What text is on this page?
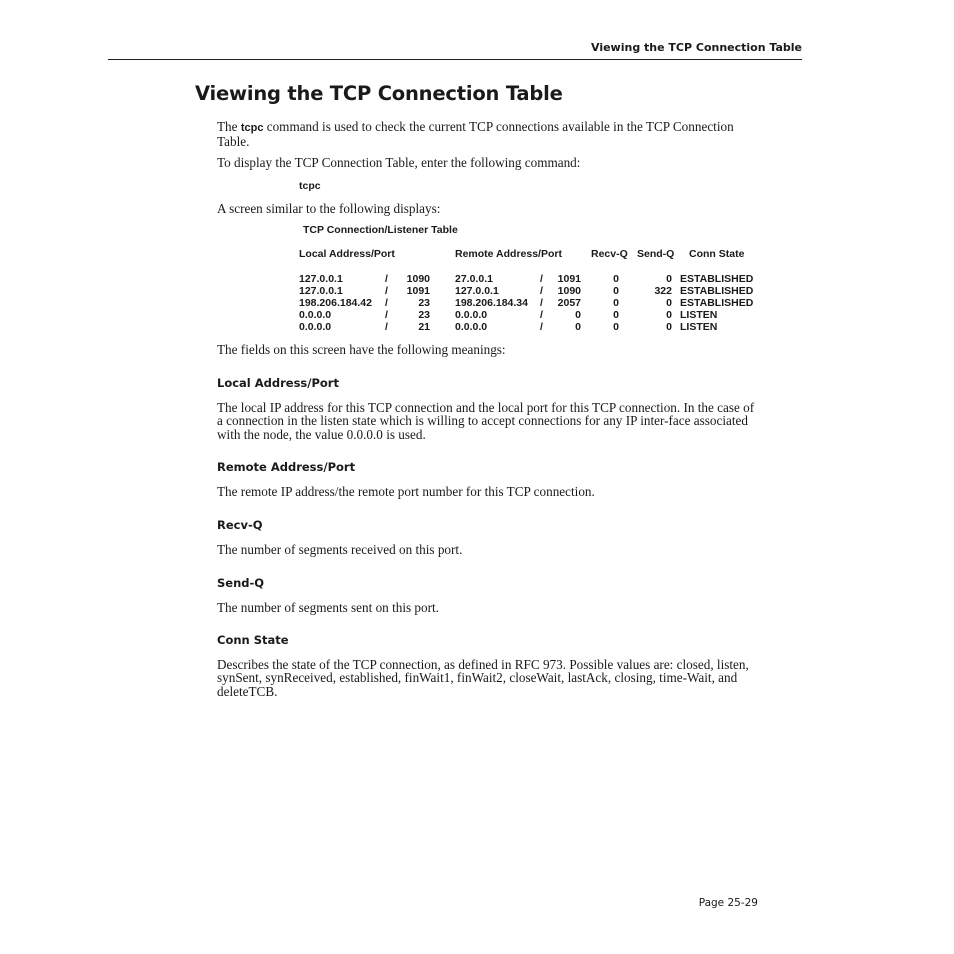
Viewing the TCP Connection Table
Viewing the TCP Connection Table

The tcpc command is used to check the current TCP connections available in the TCP Connection Table.

To display the TCP Connection Table, enter the following command:

tcpc

A screen similar to the following displays:

TCP Connection/Listener Table
Local Address/Port	Remote Address/Port	Recv-Q Send-Q Conn State
127.0.0.1	/	1090 27.0.0.1	/	1091	0	0 ESTABLISHED
127.0.0.1	/	1091 127.0.0.1	/	1090	0	322 ESTABLISHED
198.206.184.42 /	23 198.206.184.34 /	2057	0	0 ESTABLISHED
0.0.0.0	/	23 0.0.0.0	/	0	0	0 LISTEN
0.0.0.0	/	21 0.0.0.0	/	0	0	0 LISTEN

The fields on this screen have the following meanings:

Local Address/Port

The local IP address for this TCP connection and the local port for this TCP connection. In the case of a connection in the listen state which is willing to accept connections for any IP inter-face associated with the node, the value 0.0.0.0 is used.

Remote Address/Port

The remote IP address/the remote port number for this TCP connection.

Recv-Q

The number of segments received on this port.

Send-Q

The number of segments sent on this port.

Conn State

Describes the state of the TCP connection, as defined in RFC 973. Possible values are: closed, listen, synSent, synReceived, established, finWait1, finWait2, closeWait, lastAck, closing, time-Wait, and deleteTCB.

Page 25-29
